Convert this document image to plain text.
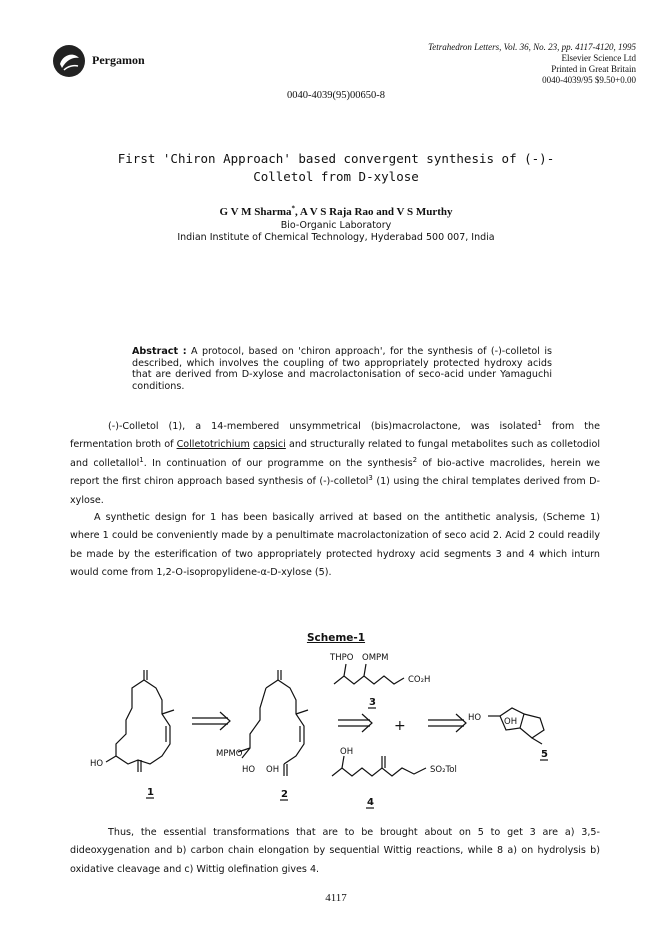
Pergamon
Tetrahedron Letters, Vol. 36, No. 23, pp. 4117-4120, 1995
Elsevier Science Ltd
Printed in Great Britain
0040-4039/95 $9.50+0.00
0040-4039(95)00650-8
First 'Chiron Approach' based convergent synthesis of (-)-
Colletol from D-xylose
G V M Sharma*, A V S Raja Rao and V S Murthy
Bio-Organic Laboratory
Indian Institute of Chemical Technology, Hyderabad 500 007, India
Abstract : A protocol, based on 'chiron approach', for the synthesis of (-)-colletol is described, which involves the coupling of two appropriately protected hydroxy acids that are derived from D-xylose and macrolactonisation of seco-acid under Yamaguchi conditions.
(-)-Colletol (1), a 14-membered unsymmetrical (bis)macrolactone, was isolated$^1$ from the fermentation broth of Colletotrichium capsici and structurally related to fungal metabolites such as colletodiol and colletallol$^1$. In continuation of our programme on the synthesis$^2$ of bio-active macrolides, herein we report the first chiron approach based synthesis of (-)-colletol$^3$ (1) using the chiral templates derived from D-xylose.
A synthetic design for 1 has been basically arrived at based on the antithetic analysis, (Scheme 1) where 1 could be conveniently made by a penultimate macrolactonization of seco acid 2. Acid 2 could readily be made by the esterification of two appropriately protected hydroxy acid segments 3 and 4 which inturn would come from 1,2-O-isopropylidene-α-D-xylose (5).
Scheme-1
THPO OMPM
CO₂H
HO
MPMO
HO OH
OH
SO₂Tol
HO	OH
+
1	2
3
4
5
Thus, the essential transformations that are to be brought about on 5 to get 3 are a) 3,5-dideoxygenation and b) carbon chain elongation by sequential Wittig reactions, while 8 a) on hydrolysis b) oxidative cleavage and c) Wittig olefination gives 4.
4117
